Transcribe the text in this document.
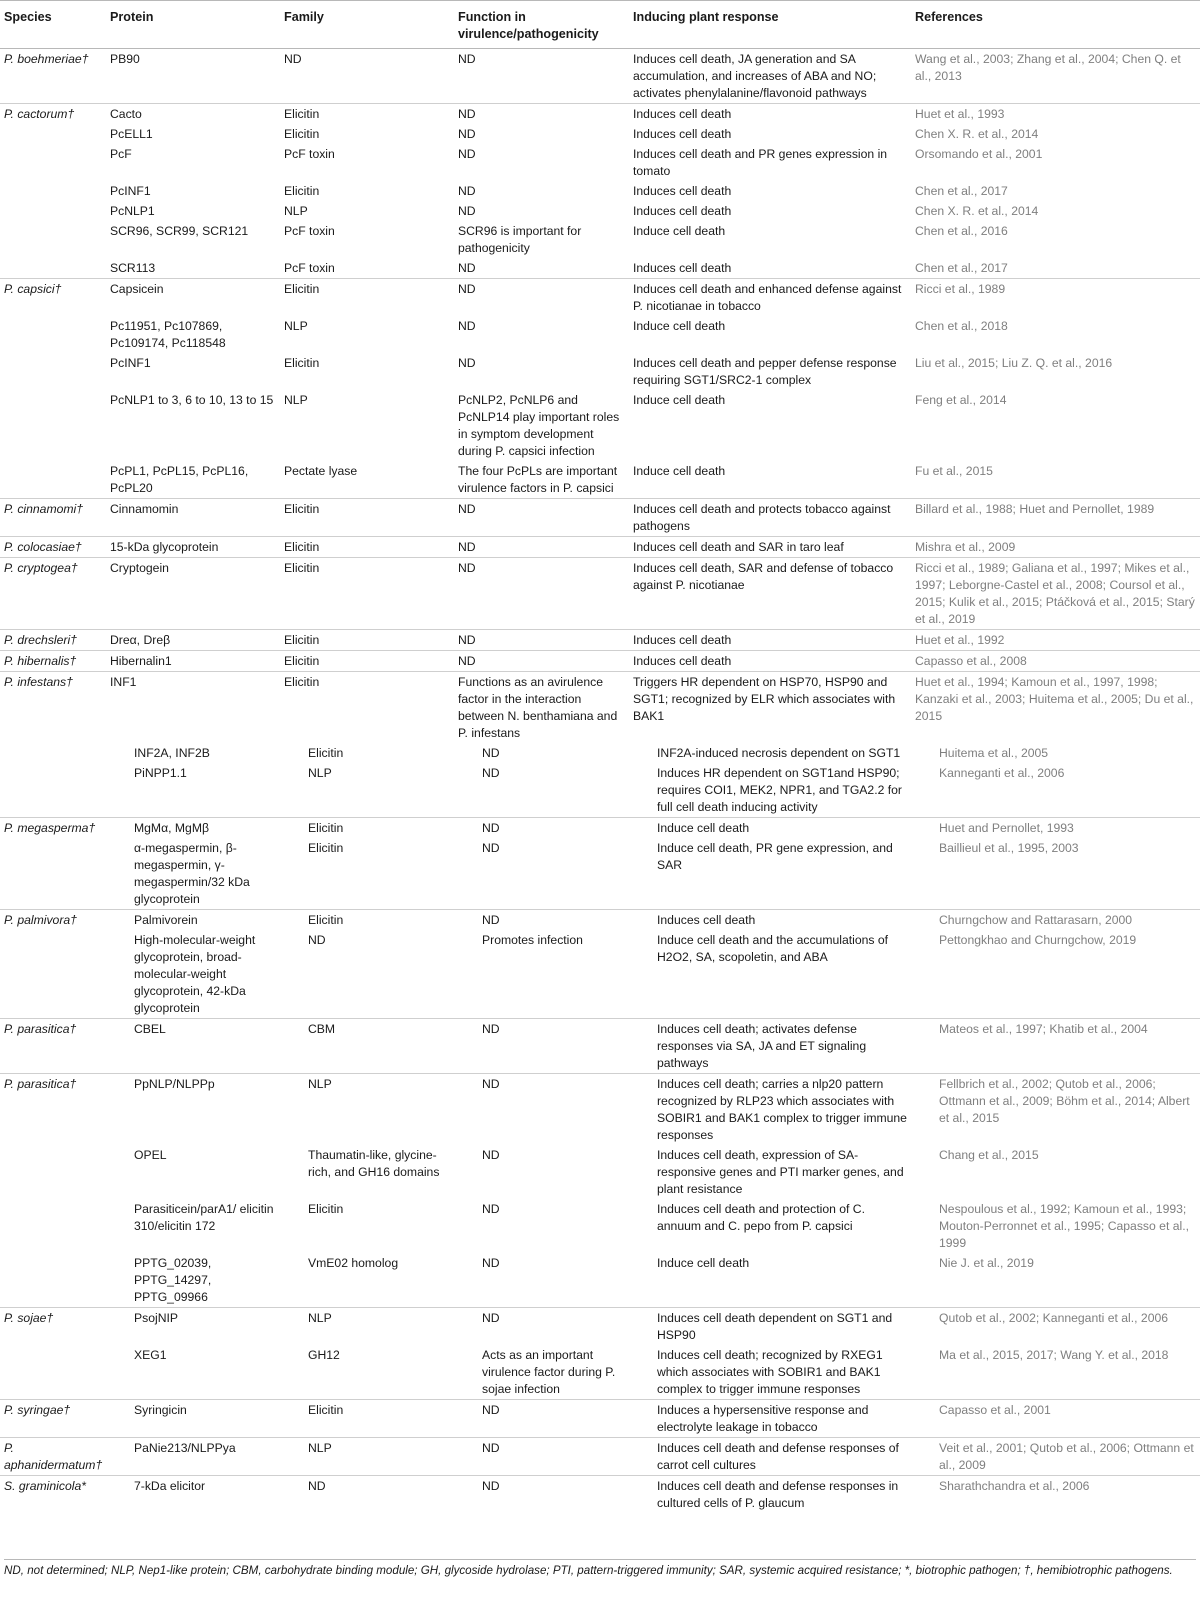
Species	Protein	Family	Function in virulence/pathogenicity	Inducing plant response	References
P. boehmeriae†	PB90	ND	ND	Induces cell death, JA generation and SA accumulation, and increases of ABA and NO; activates phenylalanine/flavonoid pathways	Wang et al., 2003; Zhang et al., 2004; Chen Q. et al., 2013
P. cactorum†	Cacto	Elicitin	ND	Induces cell death	Huet et al., 1993
	PcELL1	Elicitin	ND	Induces cell death	Chen X. R. et al., 2014
	PcF	PcF toxin	ND	Induces cell death and PR genes expression in tomato	Orsomando et al., 2001
	PcINF1	Elicitin	ND	Induces cell death	Chen et al., 2017
	PcNLP1	NLP	ND	Induces cell death	Chen X. R. et al., 2014
	SCR96, SCR99, SCR121	PcF toxin	SCR96 is important for pathogenicity	Induce cell death	Chen et al., 2016
	SCR113	PcF toxin	ND	Induces cell death	Chen et al., 2017
P. capsici†	Capsicein	Elicitin	ND	Induces cell death and enhanced defense against P. nicotianae in tobacco	Ricci et al., 1989
	Pc11951, Pc107869, Pc109174, Pc118548	NLP	ND	Induce cell death	Chen et al., 2018
	PcINF1	Elicitin	ND	Induces cell death and pepper defense response requiring SGT1/SRC2-1 complex	Liu et al., 2015; Liu Z. Q. et al., 2016
	PcNLP1 to 3, 6 to 10, 13 to 15	NLP	PcNLP2, PcNLP6 and PcNLP14 play important roles in symptom development during P. capsici infection	Induce cell death	Feng et al., 2014
	PcPL1, PcPL15, PcPL16, PcPL20	Pectate lyase	The four PcPLs are important virulence factors in P. capsici	Induce cell death	Fu et al., 2015
P. cinnamomi†	Cinnamomin	Elicitin	ND	Induces cell death and protects tobacco against pathogens	Billard et al., 1988; Huet and Pernollet, 1989
P. colocasiae†	15-kDa glycoprotein	Elicitin	ND	Induces cell death and SAR in taro leaf	Mishra et al., 2009
P. cryptogea†	Cryptogein	Elicitin	ND	Induces cell death, SAR and defense of tobacco against P. nicotianae	Ricci et al., 1989; Galiana et al., 1997; Mikes et al., 1997; Leborgne-Castel et al., 2008; Coursol et al., 2015; Kulik et al., 2015; Ptáčková et al., 2015; Starý et al., 2019
P. drechsleri†	Dreα, Dreβ	Elicitin	ND	Induces cell death	Huet et al., 1992
P. hibernalis†	Hibernalin1	Elicitin	ND	Induces cell death	Capasso et al., 2008
P. infestans†	INF1	Elicitin	Functions as an avirulence factor in the interaction between N. benthamiana and P. infestans	Triggers HR dependent on HSP70, HSP90 and SGT1; recognized by ELR which associates with BAK1	Huet et al., 1994; Kamoun et al., 1997, 1998; Kanzaki et al., 2003; Huitema et al., 2005; Du et al., 2015
	INF2A, INF2B	Elicitin	ND	INF2A-induced necrosis dependent on SGT1	Huitema et al., 2005
	PiNPP1.1	NLP	ND	Induces HR dependent on SGT1and HSP90; requires COI1, MEK2, NPR1, and TGA2.2 for full cell death inducing activity	Kanneganti et al., 2006
P. megasperma†	MgMα, MgMβ	Elicitin	ND	Induce cell death	Huet and Pernollet, 1993
	α-megaspermin, β-megaspermin, γ-megaspermin/32 kDa glycoprotein	Elicitin	ND	Induce cell death, PR gene expression, and SAR	Baillieul et al., 1995, 2003
P. palmivora†	Palmivorein	Elicitin	ND	Induces cell death	Churngchow and Rattarasarn, 2000
	High-molecular-weight glycoprotein, broad-molecular-weight glycoprotein, 42-kDa glycoprotein	ND	Promotes infection	Induce cell death and the accumulations of H2O2, SA, scopoletin, and ABA	Pettongkhao and Churngchow, 2019
P. parasitica†	CBEL	CBM	ND	Induces cell death; activates defense responses via SA, JA and ET signaling pathways	Mateos et al., 1997; Khatib et al., 2004
P. parasitica†	PpNLP/NLPPp	NLP	ND	Induces cell death; carries a nlp20 pattern recognized by RLP23 which associates with SOBIR1 and BAK1 complex to trigger immune responses	Fellbrich et al., 2002; Qutob et al., 2006; Ottmann et al., 2009; Böhm et al., 2014; Albert et al., 2015
	OPEL	Thaumatin-like, glycine-rich, and GH16 domains	ND	Induces cell death, expression of SA-responsive genes and PTI marker genes, and plant resistance	Chang et al., 2015
	Parasiticein/parA1/ elicitin 310/elicitin 172	Elicitin	ND	Induces cell death and protection of C. annuum and C. pepo from P. capsici	Nespoulous et al., 1992; Kamoun et al., 1993; Mouton-Perronnet et al., 1995; Capasso et al., 1999
	PPTG_02039, PPTG_14297, PPTG_09966	VmE02 homolog	ND	Induce cell death	Nie J. et al., 2019
P. sojae†	PsojNIP	NLP	ND	Induces cell death dependent on SGT1 and HSP90	Qutob et al., 2002; Kanneganti et al., 2006
	XEG1	GH12	Acts as an important virulence factor during P. sojae infection	Induces cell death; recognized by RXEG1 which associates with SOBIR1 and BAK1 complex to trigger immune responses	Ma et al., 2015, 2017; Wang Y. et al., 2018
P. syringae†	Syringicin	Elicitin	ND	Induces a hypersensitive response and electrolyte leakage in tobacco	Capasso et al., 2001
P. aphanidermatum†	PaNie213/NLPPya	NLP	ND	Induces cell death and defense responses of carrot cell cultures	Veit et al., 2001; Qutob et al., 2006; Ottmann et al., 2009
S. graminicola*	7-kDa elicitor	ND	ND	Induces cell death and defense responses in cultured cells of P. glaucum	Sharathchandra et al., 2006
ND, not determined; NLP, Nep1-like protein; CBM, carbohydrate binding module; GH, glycoside hydrolase; PTI, pattern-triggered immunity; SAR, systemic acquired resistance; *, biotrophic pathogen; †, hemibiotrophic pathogens.
